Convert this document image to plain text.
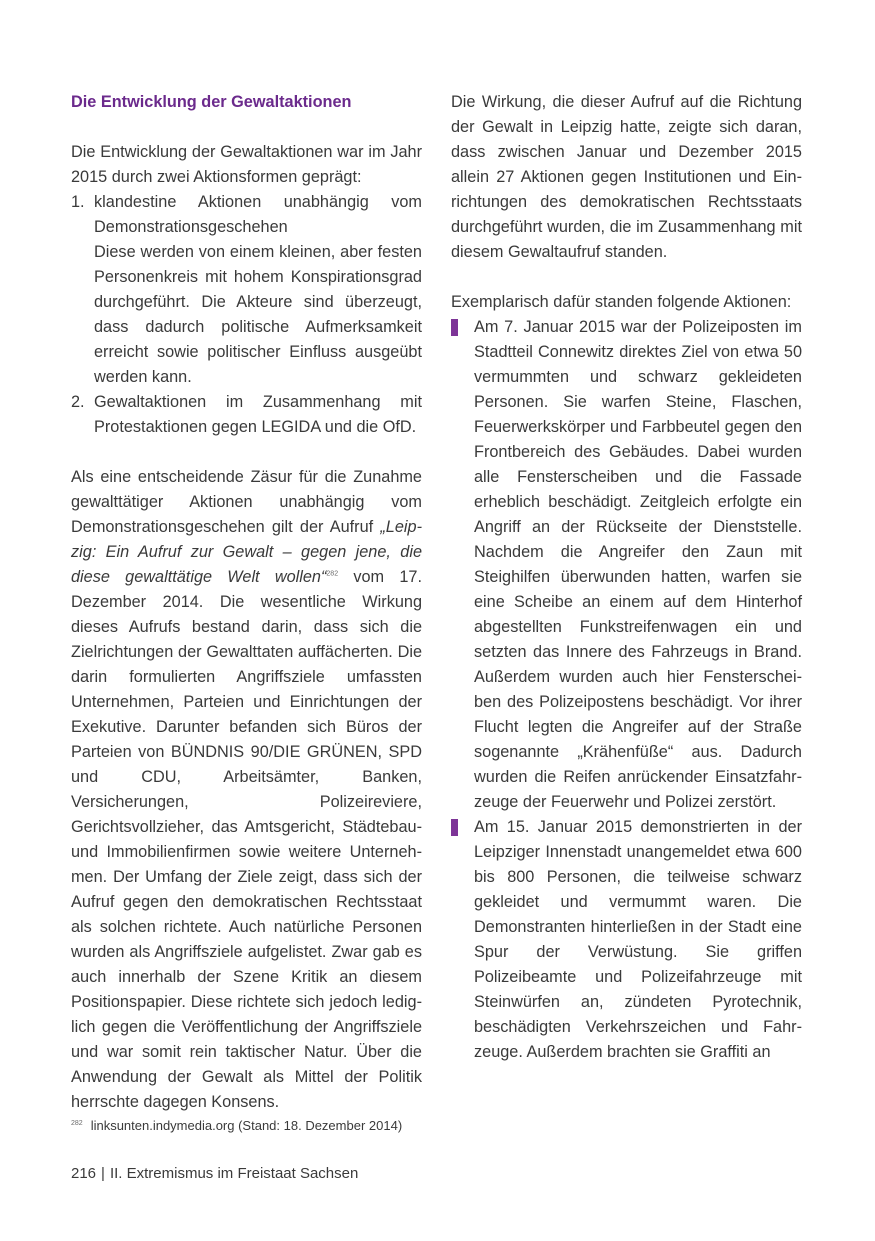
Die Entwicklung der Gewaltaktionen

Die Entwicklung der Gewaltaktionen war im Jahr 2015 durch zwei Aktionsformen geprägt:

1. klandestine Aktionen unabhängig vom Demonstrationsgeschehen
Diese werden von einem kleinen, aber festen Personenkreis mit hohem Konspirationsgrad durchgeführt. Die Akteure sind überzeugt, dass dadurch politische Aufmerksamkeit erreicht sowie politischer Einfluss ausgeübt werden kann.
2. Gewaltaktionen im Zusammenhang mit Protestaktionen gegen LEGIDA und die OfD.

Als eine entscheidende Zäsur für die Zunahme gewalttätiger Aktionen unabhängig vom Demonstrationsgeschehen gilt der Aufruf „Leipzig: Ein Aufruf zur Gewalt – gegen jene, die diese gewalttätige Welt wollen“$^{282}$ vom 17. Dezember 2014. Die wesentliche Wirkung dieses Aufrufs bestand darin, dass sich die Zielrichtungen der Gewalttaten auffächerten. Die darin formulierten Angriffsziele umfassten Unternehmen, Parteien und Einrichtungen der Exekutive. Darunter befanden sich Büros der Parteien von BÜNDNIS 90/DIE GRÜNEN, SPD und CDU, Arbeitsämter, Banken, Versicherungen, Polizeireviere, Gerichtsvollzieher, das Amtsgericht, Städtebau- und Immobilienfirmen sowie weitere Unternehmen. Der Umfang der Ziele zeigt, dass sich der Aufruf gegen den demokratischen Rechtsstaat als solchen richtete. Auch natürliche Personen wurden als Angriffsziele aufgelistet. Zwar gab es auch innerhalb der Szene Kritik an diesem Positionspapier. Diese richtete sich jedoch lediglich gegen die Veröffentlichung der Angriffsziele und war somit rein taktischer Natur. Über die Anwendung der Gewalt als Mittel der Politik herrschte dagegen Konsens.

Die Wirkung, die dieser Aufruf auf die Richtung der Gewalt in Leipzig hatte, zeigte sich daran, dass zwischen Januar und Dezember 2015 allein 27 Aktionen gegen Institutionen und Einrichtungen des demokratischen Rechtsstaats durchgeführt wurden, die im Zusammenhang mit diesem Gewaltaufruf standen.

Exemplarisch dafür standen folgende Aktionen:

Am 7. Januar 2015 war der Polizeiposten im Stadtteil Connewitz direktes Ziel von etwa 50 vermummten und schwarz gekleideten Personen. Sie warfen Steine, Flaschen, Feuerwerkskörper und Farbbeutel gegen den Frontbereich des Gebäudes. Dabei wurden alle Fensterscheiben und die Fassade erheblich beschädigt. Zeitgleich erfolgte ein Angriff an der Rückseite der Dienststelle. Nachdem die Angreifer den Zaun mit Steighilfen überwunden hatten, warfen sie eine Scheibe an einem auf dem Hinterhof abgestellten Funkstreifenwagen ein und setzten das Innere des Fahrzeugs in Brand. Außerdem wurden auch hier Fensterscheiben des Polizeipostens beschädigt. Vor ihrer Flucht legten die Angreifer auf der Straße sogenannte „Krähenfüße“ aus. Dadurch wurden die Reifen anrückender Einsatzfahrzeuge der Feuerwehr und Polizei zerstört.
Am 15. Januar 2015 demonstrierten in der Leipziger Innenstadt unangemeldet etwa 600 bis 800 Personen, die teilweise schwarz gekleidet und vermummt waren. Die Demonstranten hinterließen in der Stadt eine Spur der Verwüstung. Sie griffen Polizeibeamte und Polizeifahrzeuge mit Steinwürfen an, zündeten Pyrotechnik, beschädigten Verkehrszeichen und Fahrzeuge. Außerdem brachten sie Graffiti an
$^{282}$ linksunten.indymedia.org (Stand: 18. Dezember 2014)
216 | II. Extremismus im Freistaat Sachsen
